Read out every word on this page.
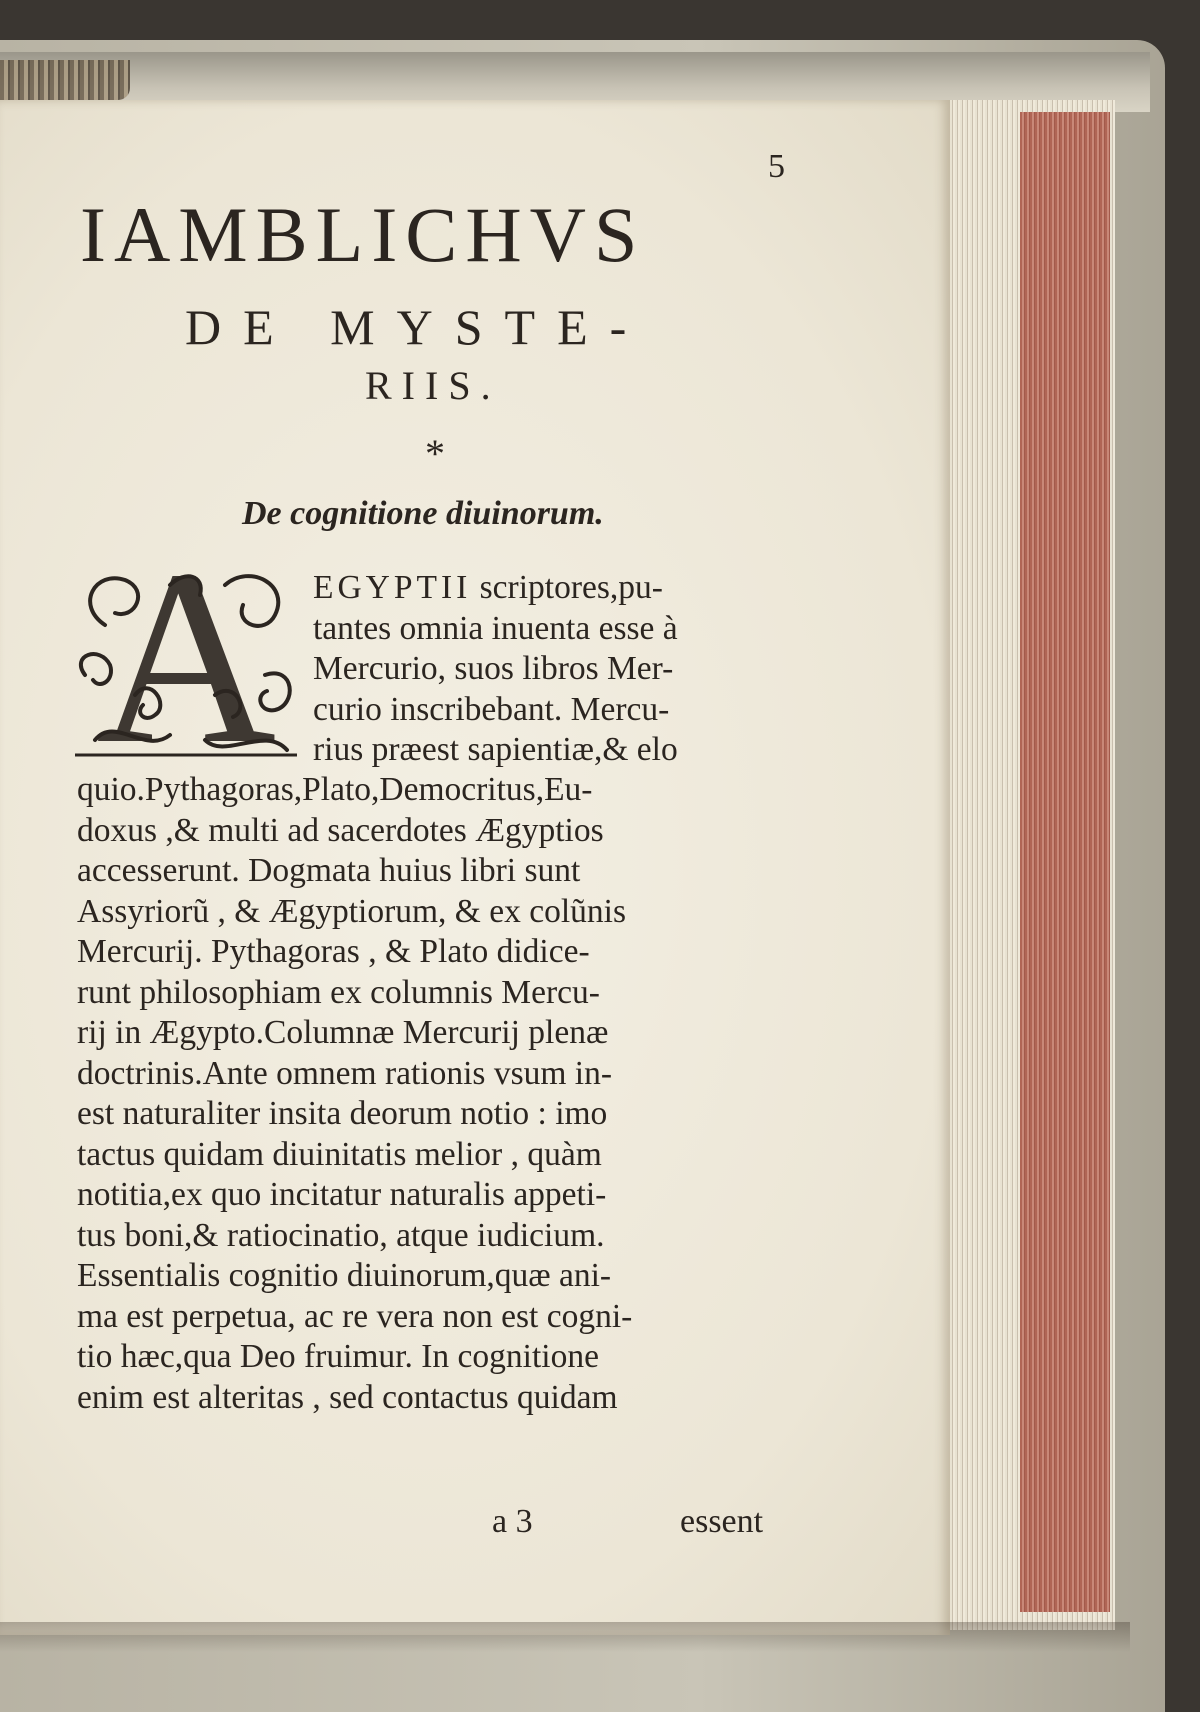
5
IAMBLICHVS
DE MYSTE-
RIIS.
*
De cognitione diuinorum.
A	EGYPTII scriptores,pu-
tantes omnia inuenta esse à
Mercurio, suos libros Mer-
curio inscribebant. Mercu-
rius præest sapientiæ,& elo
quio.Pythagoras,Plato,Democritus,Eu-
doxus ,& multi ad sacerdotes Ægyptios
accesserunt. Dogmata huius libri sunt
Assyriorũ , & Ægyptiorum, & ex colũnis
Mercurij. Pythagoras , & Plato didice-
runt philosophiam ex columnis Mercu-
rij in Ægypto.Columnæ Mercurij plenæ
doctrinis.Ante omnem rationis vsum in-
est naturaliter insita deorum notio : imo
tactus quidam diuinitatis melior , quàm
notitia,ex quo incitatur naturalis appeti-
tus boni,& ratiocinatio, atque iudicium.
Essentialis cognitio diuinorum,quæ ani-
ma est perpetua, ac re vera non est cogni-
tio hæc,qua Deo fruimur. In cognitione
enim est alteritas , sed contactus quidam
a 3	essent
